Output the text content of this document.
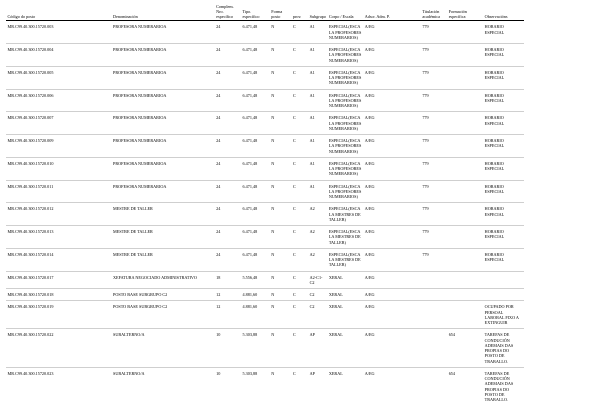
Código do posto	Denominación	Complem. Nro. específico	Tipo. específico	Forma posto	prov.	Subgrupo	Corpo / Escala	Adscr. Adm. P.	Titulación académica	Formación específica	Observacións
MR.C99.40.300.15720.003	PROFESORA NUMERARIOA	24	6.471,48	N	C	A1	ESPECIAL(ESCALA PROFESORES NUMERARIOS)	A/EG	779		HORARIO ESPECIAL
MR.C99.40.300.15720.004	PROFESORA NUMERARIOA	24	6.471,48	N	C	A1	ESPECIAL(ESCALA PROFESORES NUMERARIOS)	A/EG	779		HORARIO ESPECIAL
MR.C99.40.300.15720.005	PROFESORA NUMERARIOA	24	6.471,48	N	C	A1	ESPECIAL(ESCALA PROFESORES NUMERARIOS)	A/EG	779		HORARIO ESPECIAL
MR.C99.40.300.15720.006	PROFESORA NUMERARIOA	24	6.471,48	N	C	A1	ESPECIAL(ESCALA PROFESORES NUMERARIOS)	A/EG	779		HORARIO ESPECIAL
MR.C99.40.300.15720.007	PROFESORA NUMERARIOA	24	6.471,48	N	C	A1	ESPECIAL(ESCALA PROFESORES NUMERARIOS)	A/EG	779		HORARIO ESPECIAL
MR.C99.40.300.15720.009	PROFESORA NUMERARIOA	24	6.471,48	N	C	A1	ESPECIAL(ESCALA PROFESORES NUMERARIOS)	A/EG	779		HORARIO ESPECIAL
MR.C99.40.300.15720.010	PROFESORA NUMERARIOA	24	6.471,48	N	C	A1	ESPECIAL(ESCALA PROFESORES NUMERARIOS)	A/EG	779		HORARIO ESPECIAL
MR.C99.40.300.15720.011	PROFESORA NUMERARIOA	24	6.471,48	N	C	A1	ESPECIAL(ESCALA PROFESORES NUMERARIOS)	A/EG	779		HORARIO ESPECIAL
MR.C99.40.300.15720.012	MESTRE DE TALLER	24	6.471,48	N	C	A2	ESPECIAL(ESCALA MESTRES DE TALLER)	A/EG	779		HORARIO ESPECIAL
MR.C99.40.300.15720.013	MESTRE DE TALLER	24	6.471,48	N	C	A2	ESPECIAL(ESCALA MESTRES DE TALLER)	A/EG	779		HORARIO ESPECIAL
MR.C99.40.300.15720.014	MESTRE DE TALLER	24	6.471,48	N	C	A2	ESPECIAL(ESCALA MESTRES DE TALLER)	A/EG	779		HORARIO ESPECIAL
MR.C99.40.300.15720.017	XEFATURA NEGOCIADO ADMINISTRATIVO	18	5.556,48	N	C	A2-C1-C2	XERAL	A/EG			
MR.C99.40.300.15720.018	POSTO BASE SUBGRUPO C2	12	4.881,60	N	C	C2	XERAL	A/EG			
MR.C99.40.300.15720.019	POSTO BASE SUBGRUPO C2	12	4.881,60	N	C	C2	XERAL	A/EG			OCUPADO POR PERSOAL LABORAL FIXO A EXTINGUIR
MR.C99.40.300.15720.022	SUBALTERNO/A	10	5.303,88	N	C	AP	XERAL	A/EG		654	TAREFAS DE CONDUCIÓN ADEMAIS DAS PROPIAS DO POSTO DE TRABALLO.
MR.C99.40.300.15720.023	SUBALTERNO/A	10	5.303,88	N	C	AP	XERAL	A/EG		654	TAREFAS DE CONDUCIÓN ADEMAIS DAS PROPIAS DO POSTO DE TRABALLO.
